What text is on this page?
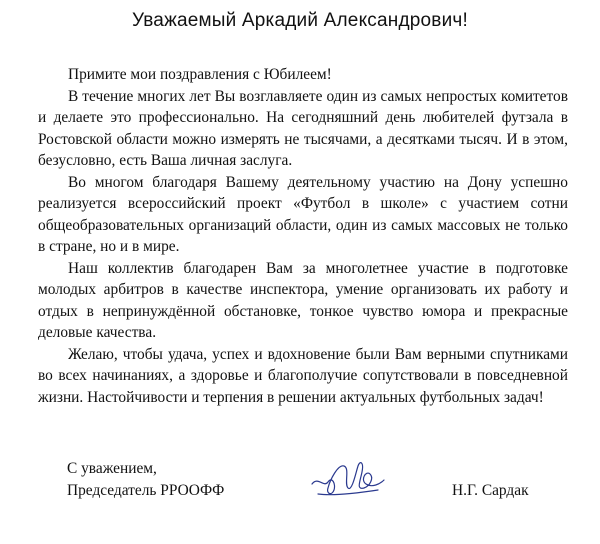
Уважаемый Аркадий Александрович!

Примите мои поздравления с Юбилеем!

В течение многих лет Вы возглавляете один из самых непростых комитетов и делаете это профессионально. На сегодняшний день любителей футзала в Ростовской области можно измерять не тысячами, а десятками тысяч. И в этом, безусловно, есть Ваша личная заслуга.

Во многом благодаря Вашему деятельному участию на Дону успешно реализуется всероссийский проект «Футбол в школе» с участием сотни общеобразовательных организаций области, один из самых массовых не только в стране, но и в мире.

Наш коллектив благодарен Вам за многолетнее участие в подготовке молодых арбитров в качестве инспектора, умение организовать их работу и отдых в непринуждённой обстановке, тонкое чувство юмора и прекрасные деловые качества.

Желаю, чтобы удача, успех и вдохновение были Вам верными спутниками во всех начинаниях, а здоровье и благополучие сопутствовали в повседневной жизни. Настойчивости и терпения в решении актуальных футбольных задач!

С уважением,
Председатель РРООФФ	Н.Г. Сардак
